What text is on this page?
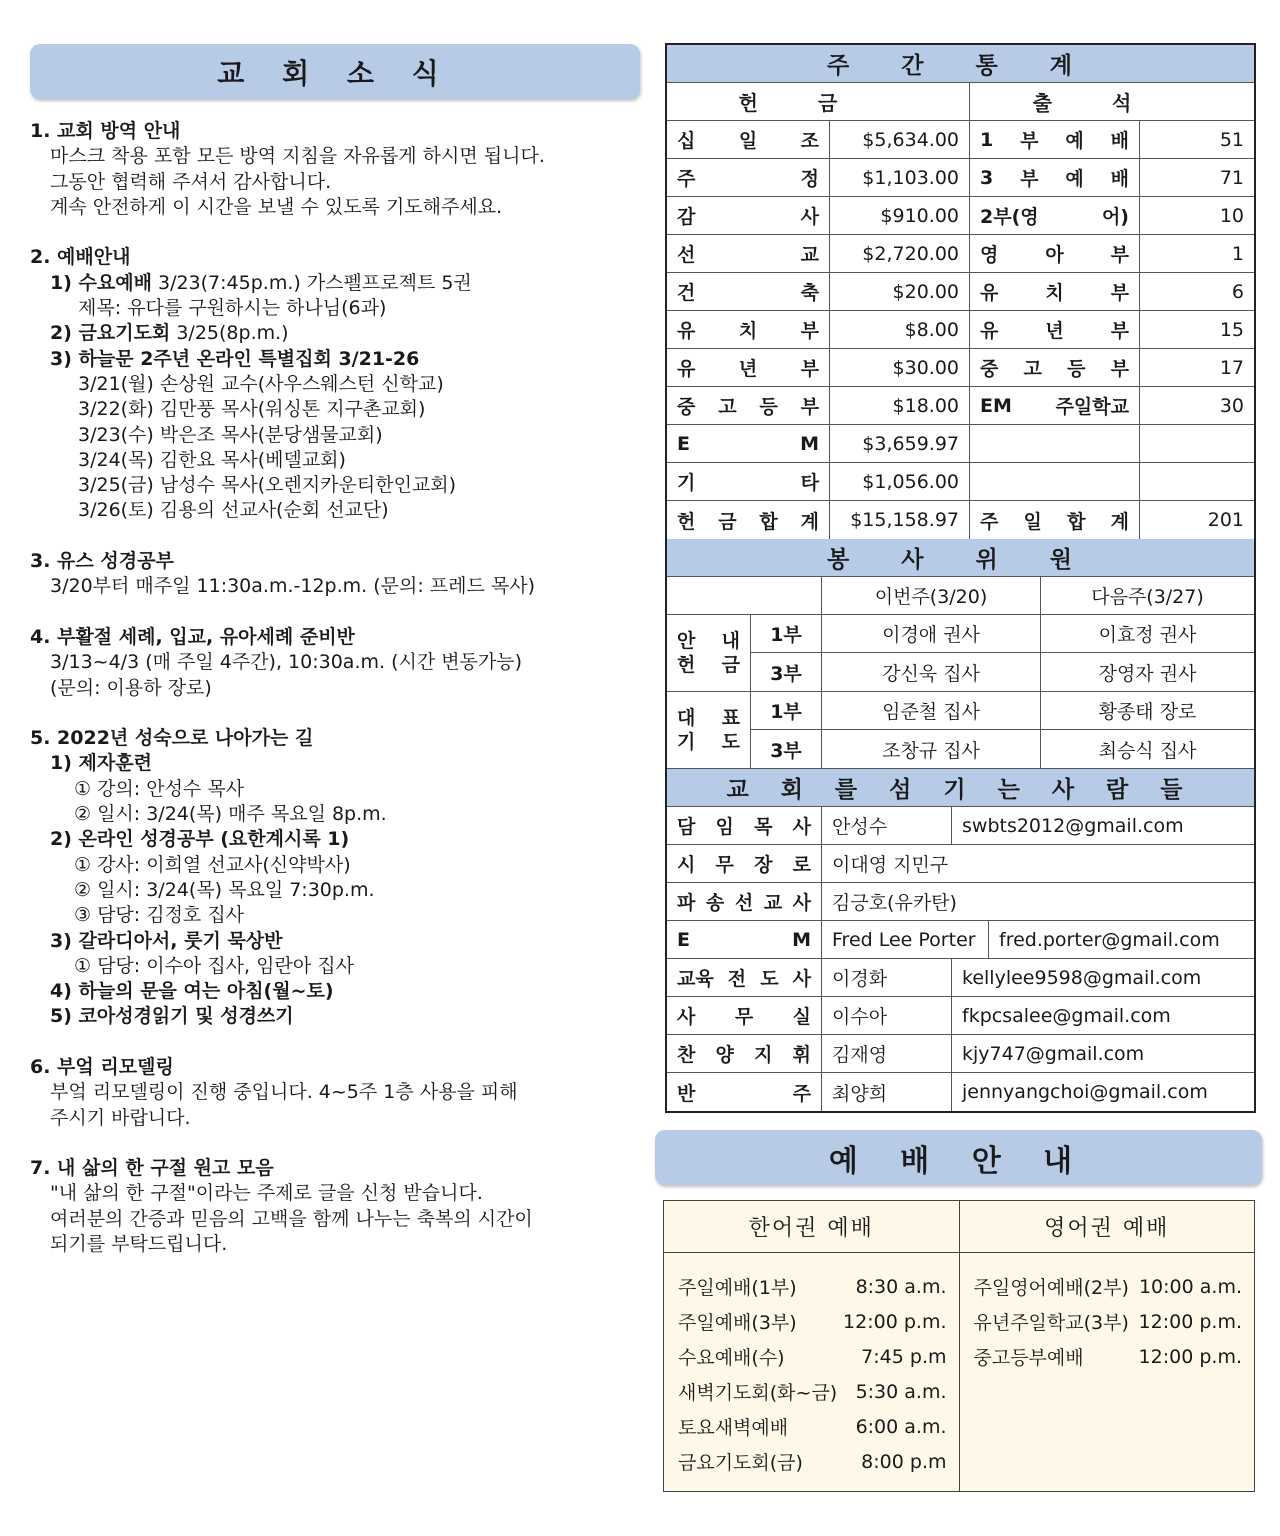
교 회 소 식
1. 교회 방역 안내
마스크 착용 포함 모든 방역 지침을 자유롭게 하시면 됩니다.
그동안 협력해 주셔서 감사합니다.
계속 안전하게 이 시간을 보낼 수 있도록 기도해주세요.
2. 예배안내
1) 수요예배 3/23(7:45p.m.) 가스펠프로젝트 5권
제목: 유다를 구원하시는 하나님(6과)
2) 금요기도회 3/25(8p.m.)
3) 하늘문 2주년 온라인 특별집회 3/21-26
3/21(월) 손상원 교수(사우스웨스턴 신학교)
3/22(화) 김만풍 목사(워싱톤 지구촌교회)
3/23(수) 박은조 목사(분당샘물교회)
3/24(목) 김한요 목사(베델교회)
3/25(금) 남성수 목사(오렌지카운티한인교회)
3/26(토) 김용의 선교사(순회 선교단)
3. 유스 성경공부
3/20부터 매주일 11:30a.m.-12p.m. (문의: 프레드 목사)
4. 부활절 세례, 입교, 유아세례 준비반
3/13~4/3 (매 주일 4주간), 10:30a.m. (시간 변동가능)
(문의: 이용하 장로)
5. 2022년 성숙으로 나아가는 길
1) 제자훈련
① 강의: 안성수 목사
② 일시: 3/24(목) 매주 목요일 8p.m.
2) 온라인 성경공부 (요한계시록 1)
① 강사: 이희열 선교사(신약박사)
② 일시: 3/24(목) 목요일 7:30p.m.
③ 담당: 김정호 집사
3) 갈라디아서, 룻기 묵상반
① 담당: 이수아 집사, 임란아 집사
4) 하늘의 문을 여는 아침(월~토)
5) 코아성경읽기 및 성경쓰기
6. 부엌 리모델링
부엌 리모델링이 진행 중입니다. 4~5주 1층 사용을 피해
주시기 바랍니다.
7. 내 삶의 한 구절 원고 모음
"내 삶의 한 구절"이라는 주제로 글을 신청 받습니다.
여러분의 간증과 믿음의 고백을 함께 나누는 축복의 시간이
되기를 부탁드립니다.
주 간 통 계
헌금	출석
십 일 조	$5,634.00	1 부 예 배	51
주	정	$1,103.00	3 부 예 배	71
감	사	$910.00	2부(영	어)	10
선	교	$2,720.00	영 아 부	1
건	축	$20.00	유 치 부	6
유 치 부	$8.00	유 년 부	15
유 년 부	$30.00	중 고 등 부	17
중 고 등 부	$18.00	EM 주일학교	30
E	M	$3,659.97
기	타	$1,056.00
헌 금 합 계	$15,158.97	주 일 합 계	201
봉 사 위 원
이번주(3/20)	다음주(3/27)
안 내
헌 금
1부	이경애 권사	이효정 권사
3부	강신욱 집사	장영자 권사
대 표
기 도
1부	임준철 집사	황종태 장로
3부	조창규 집사	최승식 집사
교 회 를 섬 기 는 사 람 들
담 임 목 사	안성수	swbts2012@gmail.com
시 무 장 로	이대영 지민구
파 송 선 교 사	김긍호(유카탄)
E	M	Fred Lee Porter	fred.porter@gmail.com
교육 전 도 사	이경화	kellylee9598@gmail.com
사 무 실	이수아	fkpcsalee@gmail.com
찬 양 지 휘	김재영	kjy747@gmail.com
반	주	최양희	jennyangchoi@gmail.com
예 배 안 내
한어권 예배
주일예배(1부)	8:30 a.m.
주일예배(3부) 12:00 p.m.
수요예배(수)	7:45 p.m
새벽기도회(화~금) 5:30 a.m.
토요새벽예배	6:00 a.m.
금요기도회(금)	8:00 p.m
영어권 예배
주일영어예배(2부) 10:00 a.m.
유년주일학교(3부) 12:00 p.m.
중고등부예배	12:00 p.m.
